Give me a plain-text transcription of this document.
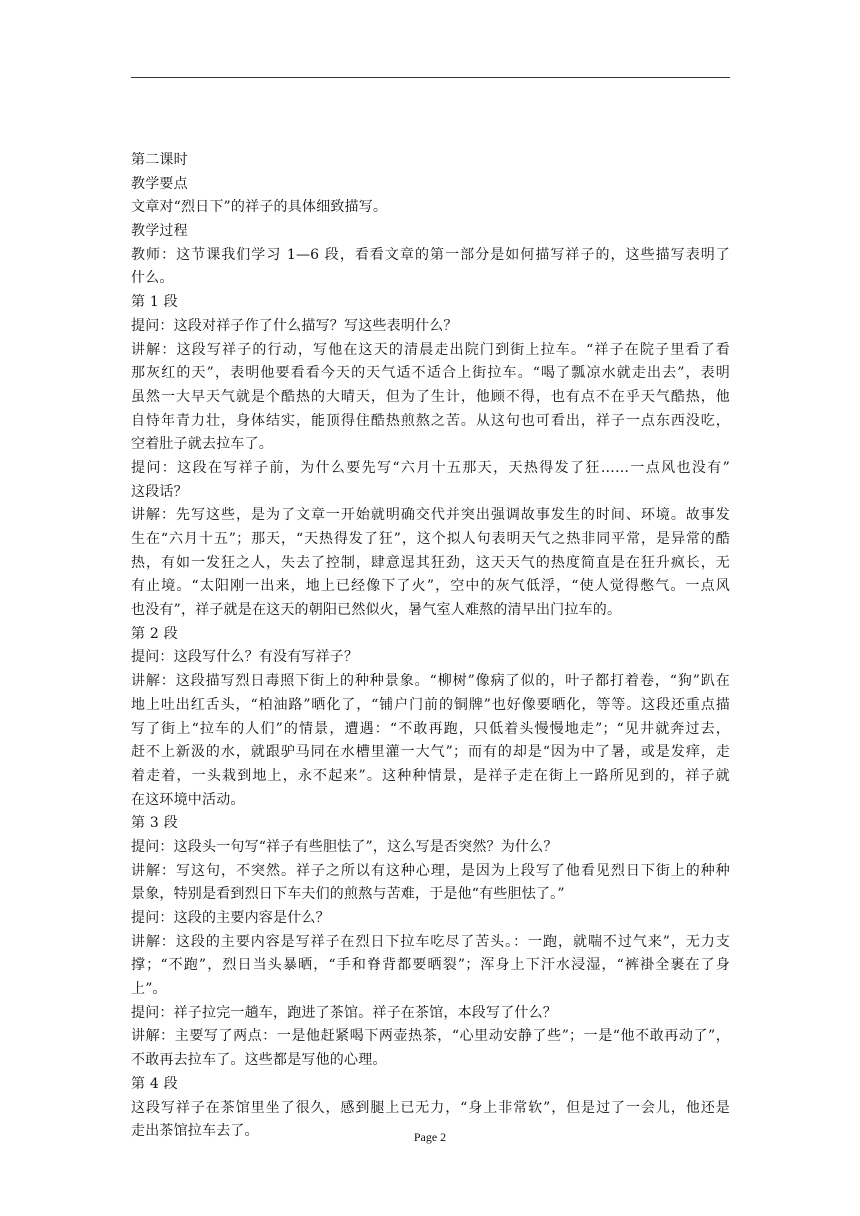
第二课时
教学要点
文章对“烈日下”的祥子的具体细致描写。
教学过程
教师：这节课我们学习 1—6 段，看看文章的第一部分是如何描写祥子的，这些描写表明了
什么。
第 1 段
提问：这段对祥子作了什么描写？写这些表明什么？
讲解：这段写祥子的行动，写他在这天的清晨走出院门到街上拉车。“祥子在院子里看了看
那灰红的天”，表明他要看看今天的天气适不适合上街拉车。“喝了瓢凉水就走出去”，表明
虽然一大早天气就是个酷热的大晴天，但为了生计，他顾不得，也有点不在乎天气酷热，他
自恃年青力壮，身体结实，能顶得住酷热煎熬之苦。从这句也可看出，祥子一点东西没吃，
空着肚子就去拉车了。
提问：这段在写祥子前，为什么要先写“六月十五那天，天热得发了狂……一点风也没有”
这段话？
讲解：先写这些，是为了文章一开始就明确交代并突出强调故事发生的时间、环境。故事发
生在“六月十五”；那天，“天热得发了狂”，这个拟人句表明天气之热非同平常，是异常的酷
热，有如一发狂之人，失去了控制，肆意逞其狂劲，这天天气的热度简直是在狂升疯长，无
有止境。“太阳刚一出来，地上已经像下了火”，空中的灰气低浮，“使人觉得憋气。一点风
也没有”，祥子就是在这天的朝阳已然似火，暑气室人难熬的清早出门拉车的。
第 2 段
提问：这段写什么？有没有写祥子？
讲解：这段描写烈日毒照下街上的种种景象。“柳树”像病了似的，叶子都打着卷，“狗”趴在
地上吐出红舌头，“柏油路”晒化了，“铺户门前的铜牌”也好像要晒化，等等。这段还重点描
写了街上“拉车的人们”的情景，遭遇：“不敢再跑，只低着头慢慢地走”；“见井就奔过去，
赶不上新汲的水，就跟驴马同在水槽里灌一大气”；而有的却是“因为中了暑，或是发痒，走
着走着，一头栽到地上，永不起来”。这种种情景，是祥子走在街上一路所见到的，祥子就
在这环境中活动。
第 3 段
提问：这段头一句写“祥子有些胆怯了”，这么写是否突然？为什么？
讲解：写这句，不突然。祥子之所以有这种心理，是因为上段写了他看见烈日下街上的种种
景象，特别是看到烈日下车夫们的煎熬与苦难，于是他“有些胆怯了。”
提问：这段的主要内容是什么？
讲解：这段的主要内容是写祥子在烈日下拉车吃尽了苦头。：一跑，就喘不过气来”，无力支
撑；“不跑”，烈日当头暴晒，“手和脊背都要晒裂”；浑身上下汗水浸湿，“裤褂全裹在了身
上”。
提问：祥子拉完一趟车，跑进了茶馆。祥子在茶馆，本段写了什么？
讲解：主要写了两点：一是他赶紧喝下两壶热茶，“心里动安静了些”；一是“他不敢再动了”，
不敢再去拉车了。这些都是写他的心理。
第 4 段
这段写祥子在茶馆里坐了很久，感到腿上已无力，“身上非常软”，但是过了一会儿，他还是
走出茶馆拉车去了。	Page 2
